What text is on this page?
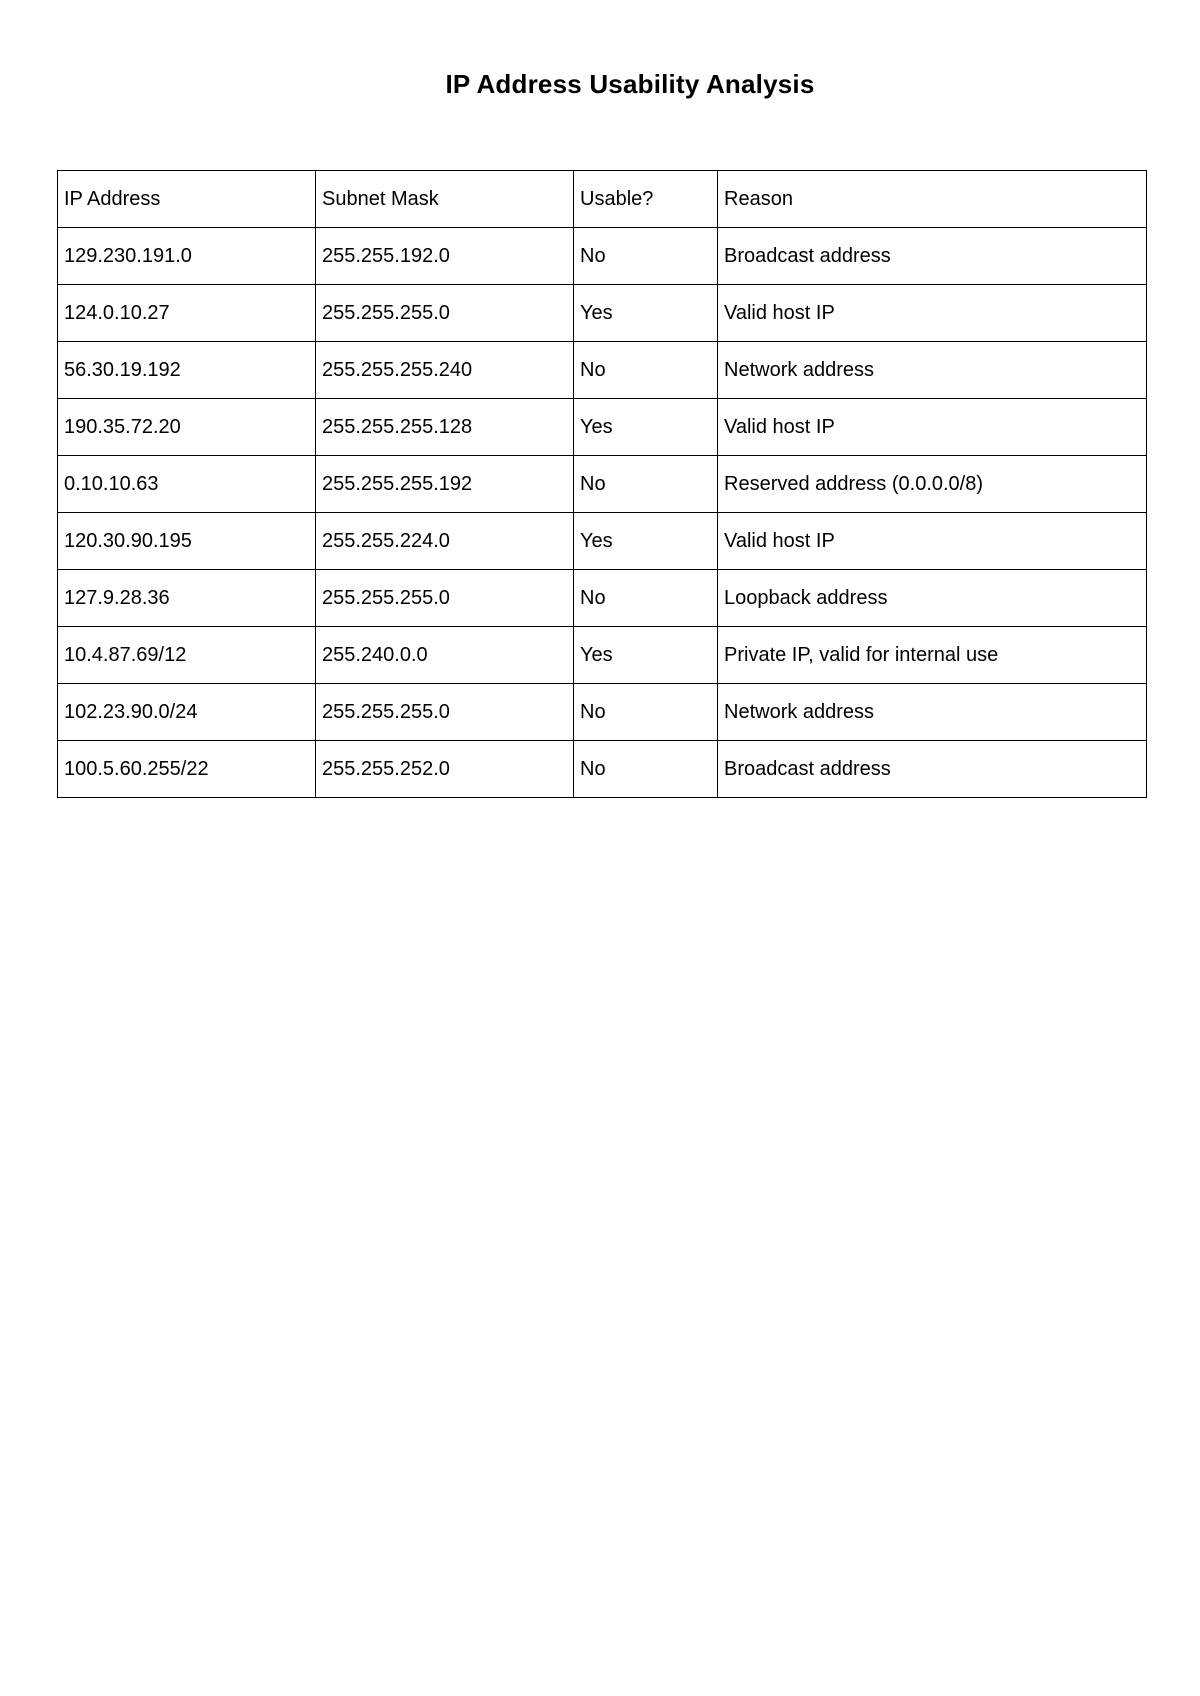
IP Address Usability Analysis
IP Address	Subnet Mask	Usable?	Reason
129.230.191.0	255.255.192.0	No	Broadcast address
124.0.10.27	255.255.255.0	Yes	Valid host IP
56.30.19.192	255.255.255.240	No	Network address
190.35.72.20	255.255.255.128	Yes	Valid host IP
0.10.10.63	255.255.255.192	No	Reserved address (0.0.0.0/8)
120.30.90.195	255.255.224.0	Yes	Valid host IP
127.9.28.36	255.255.255.0	No	Loopback address
10.4.87.69/12	255.240.0.0	Yes	Private IP, valid for internal use
102.23.90.0/24	255.255.255.0	No	Network address
100.5.60.255/22	255.255.252.0	No	Broadcast address
